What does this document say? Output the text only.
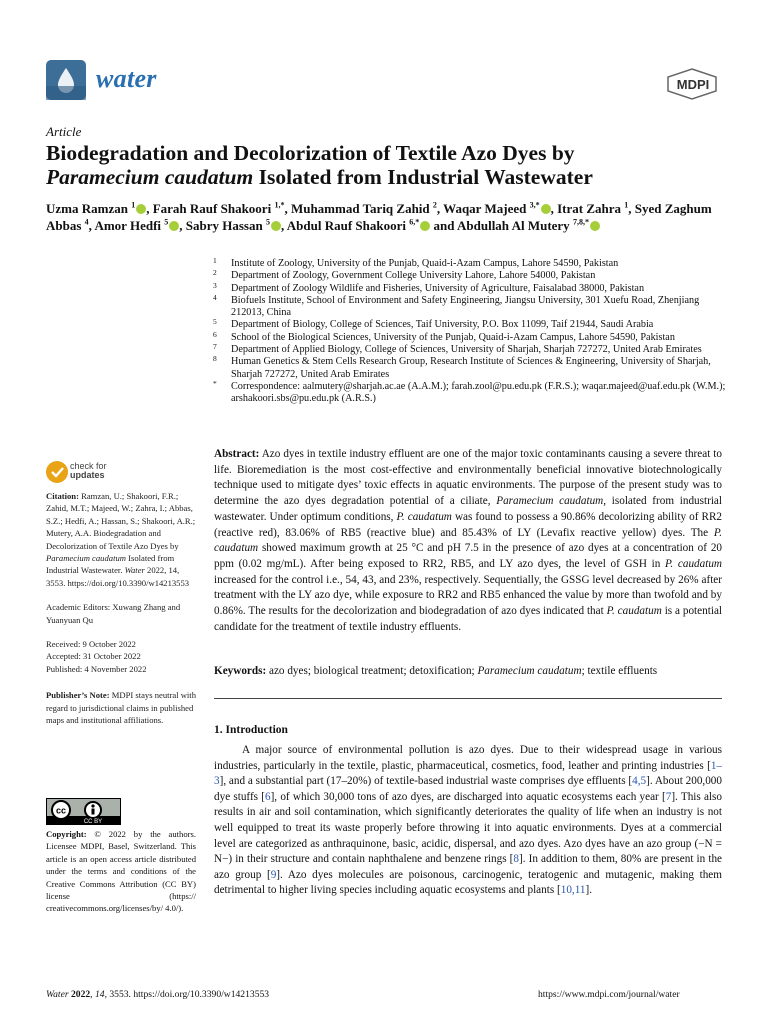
water	MDPI
Article
Biodegradation and Decolorization of Textile Azo Dyes by
Paramecium caudatum Isolated from Industrial Wastewater
Uzma Ramzan $^1$ , Farah Rauf Shakoori $^{1,*}$, Muhammad Tariq Zahid $^2$, Waqar Majeed $^{3,*}$ , Itrat Zahra $^1$, Syed Zaghum Abbas $^4$, Amor Hedfi $^5$ , Sabry Hassan $^5$ , Abdul Rauf Shakoori $^{6,*}$ and Abdullah Al Mutery $^{7,8,*}$
1 Institute of Zoology, University of the Punjab, Quaid-i-Azam Campus, Lahore 54590, Pakistan
2 Department of Zoology, Government College University Lahore, Lahore 54000, Pakistan
3 Department of Zoology Wildlife and Fisheries, University of Agriculture, Faisalabad 38000, Pakistan
4 Biofuels Institute, School of Environment and Safety Engineering, Jiangsu University, 301 Xuefu Road, Zhenjiang 212013, China
5 Department of Biology, College of Sciences, Taif University, P.O. Box 11099, Taif 21944, Saudi Arabia
6 School of the Biological Sciences, University of the Punjab, Quaid-i-Azam Campus, Lahore 54590, Pakistan
7 Department of Applied Biology, College of Sciences, University of Sharjah, Sharjah 727272, United Arab Emirates
8 Human Genetics & Stem Cells Research Group, Research Institute of Sciences & Engineering, University of Sharjah, Sharjah 727272, United Arab Emirates
* Correspondence: aalmutery@sharjah.ac.ae (A.A.M.); farah.zool@pu.edu.pk (F.R.S.); waqar.majeed@uaf.edu.pk (W.M.); arshakoori.sbs@pu.edu.pk (A.R.S.)
check for
updates

Citation: Ramzan, U.; Shakoori, F.R.; Zahid, M.T.; Majeed, W.; Zahra, I.; Abbas, S.Z.; Hedfi, A.; Hassan, S.; Shakoori, A.R.; Mutery, A.A. Biodegradation and Decolorization of Textile Azo Dyes by Paramecium caudatum Isolated from Industrial Wastewater. Water 2022, 14, 3553. https://doi.org/10.3390/w14213553

Academic Editors: Xuwang Zhang and Yuanyuan Qu

Received: 9 October 2022
Accepted: 31 October 2022
Published: 4 November 2022

Publisher’s Note: MDPI stays neutral with regard to jurisdictional claims in published maps and institutional affiliations.

cc
CC BY
Copyright: © 2022 by the authors. Licensee MDPI, Basel, Switzerland. This article is an open access article distributed under the terms and conditions of the Creative Commons Attribution (CC BY) license (https:// creativecommons.org/licenses/by/ 4.0/).
Abstract: Azo dyes in textile industry effluent are one of the major toxic contaminants causing a severe threat to life. Bioremediation is the most cost-effective and environmentally beneficial innovative biotechnologically technique used to mitigate dyes’ toxic effects in aquatic environments. The purpose of the present study was to determine the azo dyes degradation potential of a ciliate, Paramecium caudatum, isolated from industrial wastewater. Under optimum conditions, P. caudatum was found to possess a 90.86% decolorizing ability of RR2 (reactive red), 83.06% of RB5 (reactive blue) and 85.43% of LY (Levafix reactive yellow) dyes. The P. caudatum showed maximum growth at 25 °C and pH 7.5 in the presence of azo dyes at a concentration of 20 ppm (0.02 mg/mL). After being exposed to RR2, RB5, and LY azo dyes, the level of GSH in P. caudatum increased for the control i.e., 54, 43, and 23%, respectively. Sequentially, the GSSG level decreased by 26% after treatment with the LY azo dye, while exposure to RR2 and RB5 enhanced the value by more than twofold and by 0.86%. The results for the decolorization and biodegradation of azo dyes indicated that P. caudatum is a potential candidate for the treatment of textile industry effluents.
Keywords: azo dyes; biological treatment; detoxification; Paramecium caudatum; textile effluents
1. Introduction
A major source of environmental pollution is azo dyes. Due to their widespread usage in various industries, particularly in the textile, plastic, pharmaceutical, cosmetics, food, leather and printing industries [1–3], and a substantial part (17–20%) of textile-based industrial waste comprises dye effluents [4,5]. About 200,000 dye stuffs [6], of which 30,000 tons of azo dyes, are discharged into aquatic ecosystems each year [7]. This also results in air and soil contamination, which significantly deteriorates the quality of life when an industry is not well equipped to treat its waste properly before throwing it into aquatic environments. Dyes at a commercial level are categorized as anthraquinone, basic, acidic, dispersal, and azo dyes. Azo dyes have an azo group (−N = N−) in their structure and contain naphthalene and benzene rings [8]. In addition to them, 80% are present in the azo group [9]. Azo dyes molecules are poisonous, carcinogenic, teratogenic and mutagenic, making them detrimental to higher living species including aquatic ecosystems and plants [10,11].
Water 2022, 14, 3553. https://doi.org/10.3390/w14213553	https://www.mdpi.com/journal/water
